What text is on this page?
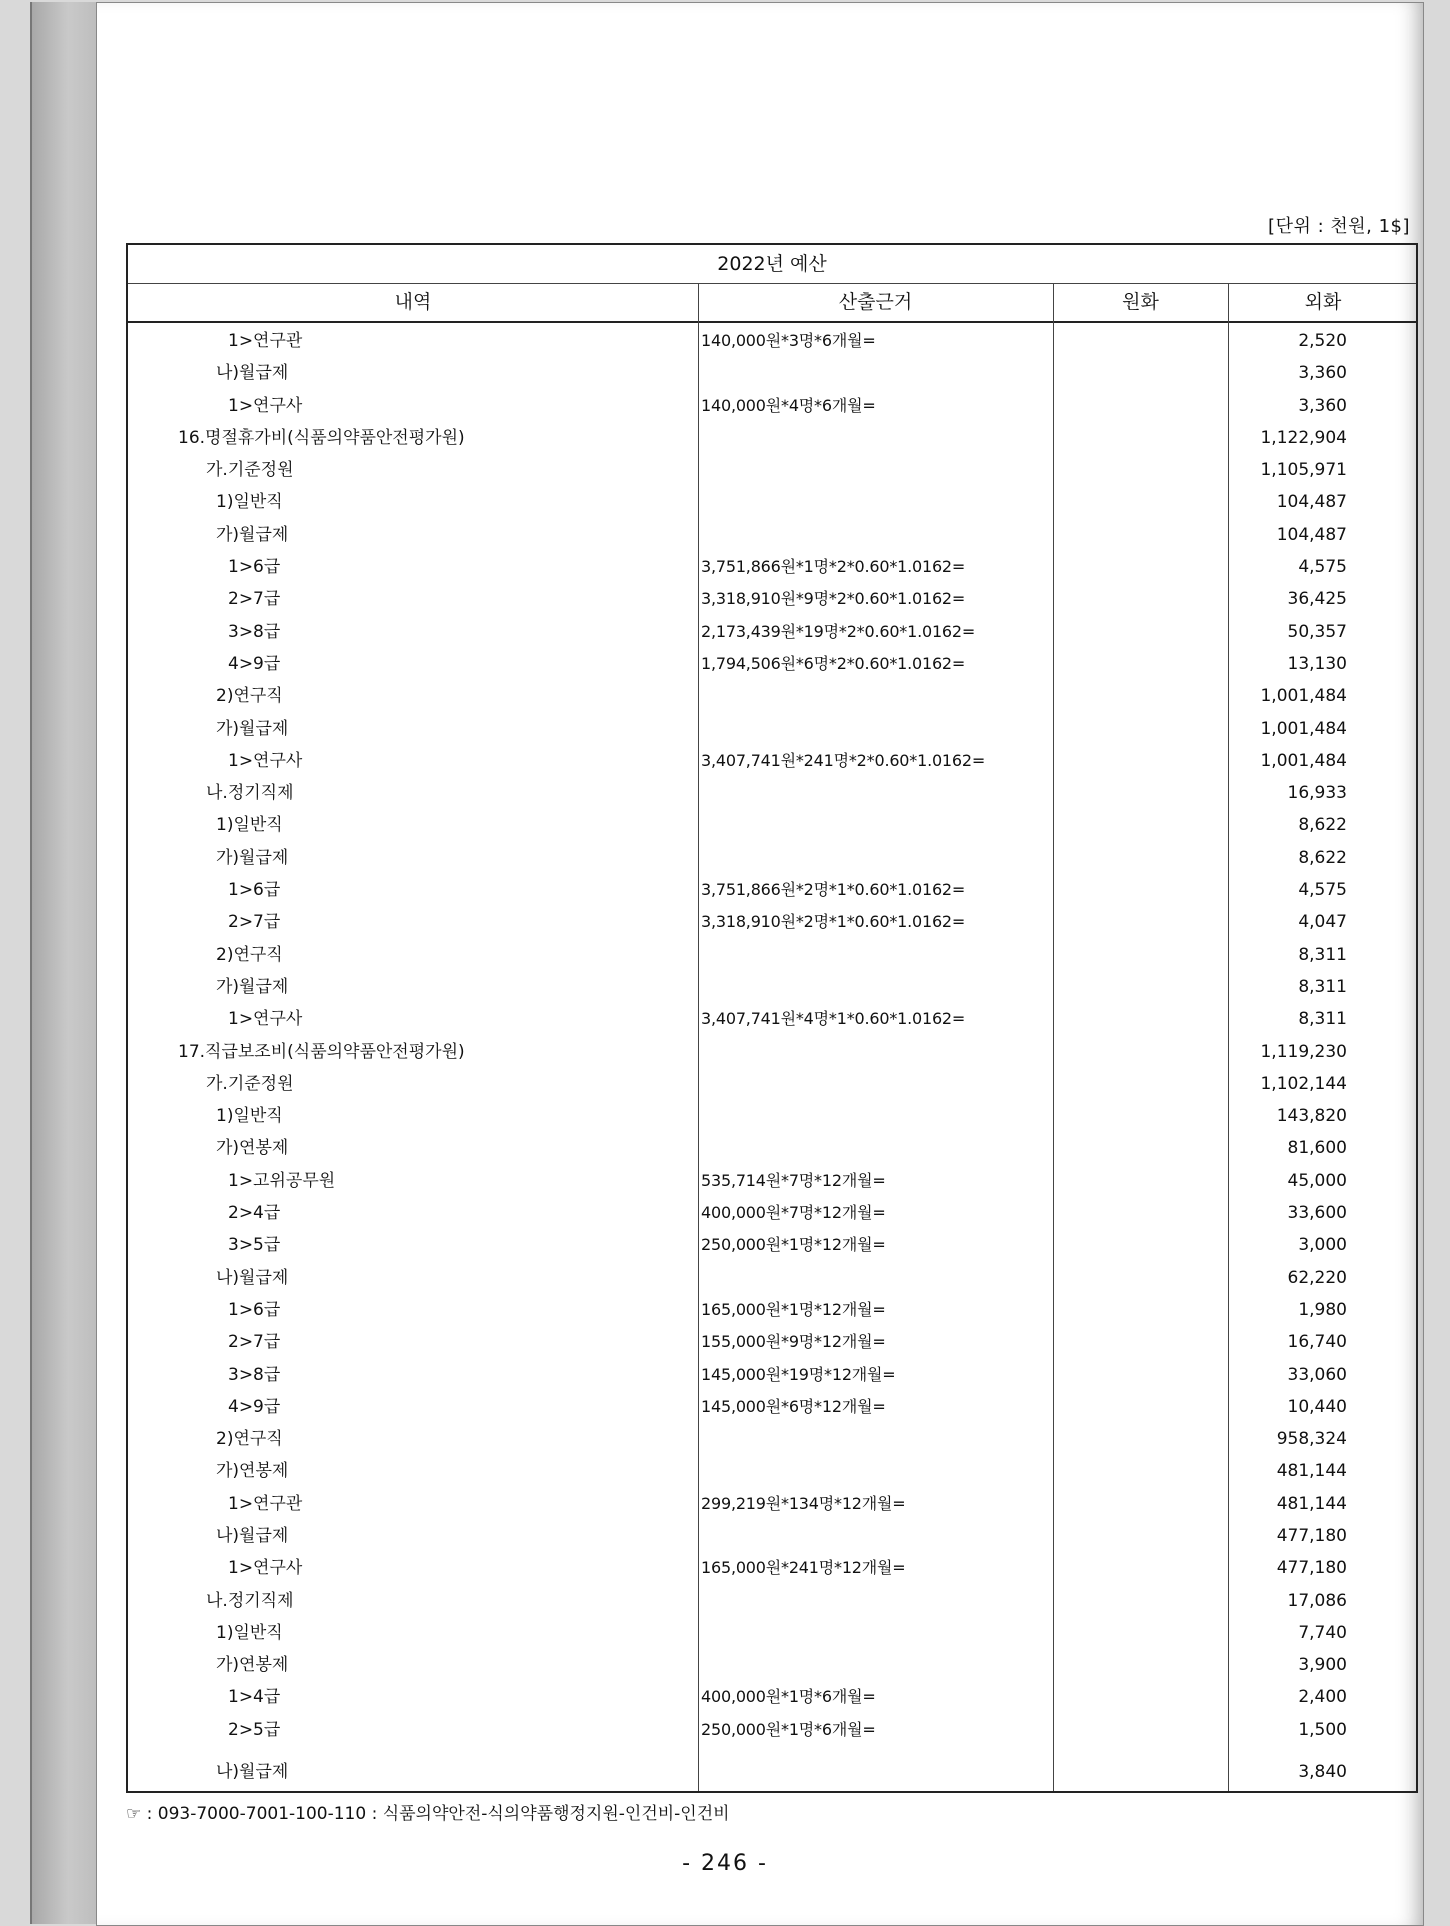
[단위 : 천원, 1$]
2022년 예산
내역	산출근거	원화	외화
1>연구관	140,000원*3명*6개월=	2,520
나)월급제	3,360
1>연구사	140,000원*4명*6개월=	3,360
16.명절휴가비(식품의약품안전평가원)	1,122,904
가.기준정원	1,105,971
1)일반직	104,487
가)월급제	104,487
1>6급	3,751,866원*1명*2*0.60*1.0162=	4,575
2>7급	3,318,910원*9명*2*0.60*1.0162=	36,425
3>8급	2,173,439원*19명*2*0.60*1.0162=	50,357
4>9급	1,794,506원*6명*2*0.60*1.0162=	13,130
2)연구직	1,001,484
가)월급제	1,001,484
1>연구사	3,407,741원*241명*2*0.60*1.0162=	1,001,484
나.정기직제	16,933
1)일반직	8,622
가)월급제	8,622
1>6급	3,751,866원*2명*1*0.60*1.0162=	4,575
2>7급	3,318,910원*2명*1*0.60*1.0162=	4,047
2)연구직	8,311
가)월급제	8,311
1>연구사	3,407,741원*4명*1*0.60*1.0162=	8,311
17.직급보조비(식품의약품안전평가원)	1,119,230
가.기준정원	1,102,144
1)일반직	143,820
가)연봉제	81,600
1>고위공무원	535,714원*7명*12개월=	45,000
2>4급	400,000원*7명*12개월=	33,600
3>5급	250,000원*1명*12개월=	3,000
나)월급제	62,220
1>6급	165,000원*1명*12개월=	1,980
2>7급	155,000원*9명*12개월=	16,740
3>8급	145,000원*19명*12개월=	33,060
4>9급	145,000원*6명*12개월=	10,440
2)연구직	958,324
가)연봉제	481,144
1>연구관	299,219원*134명*12개월=	481,144
나)월급제	477,180
1>연구사	165,000원*241명*12개월=	477,180
나.정기직제	17,086
1)일반직	7,740
가)연봉제	3,900
1>4급	400,000원*1명*6개월=	2,400
2>5급	250,000원*1명*6개월=	1,500
나)월급제	3,840
☞ : 093-7000-7001-100-110 : 식품의약안전-식의약품행정지원-인건비-인건비
- 246 -
